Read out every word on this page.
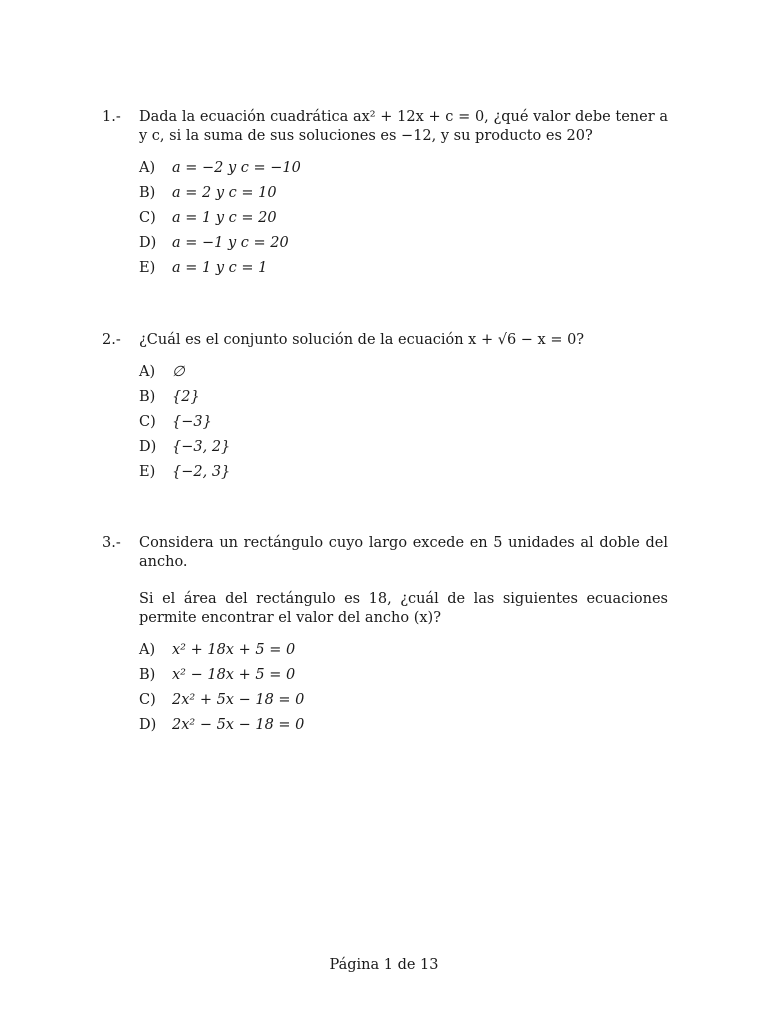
1.-	Dada la ecuación cuadrática ax² + 12x + c = 0, ¿qué valor debe tener a y c, si la suma de sus soluciones es −12, y su producto es 20?

A)	a = −2 y c = −10
B)	a = 2 y c = 10
C)	a = 1 y c = 20
D)	a = −1 y c = 20
E)	a = 1 y c = 1
2.-	¿Cuál es el conjunto solución de la ecuación x + √6 − x = 0?

A)	∅
B)	{2}
C)	{−3}
D)	{−3, 2}
E)	{−2, 3}
3.-	Considera un rectángulo cuyo largo excede en 5 unidades al doble del ancho.

Si el área del rectángulo es 18, ¿cuál de las siguientes ecuaciones permite encontrar el valor del ancho (x)?

A)	x² + 18x + 5 = 0
B)	x² − 18x + 5 = 0
C)	2x² + 5x − 18 = 0
D)	2x² − 5x − 18 = 0
Página 1 de 13
